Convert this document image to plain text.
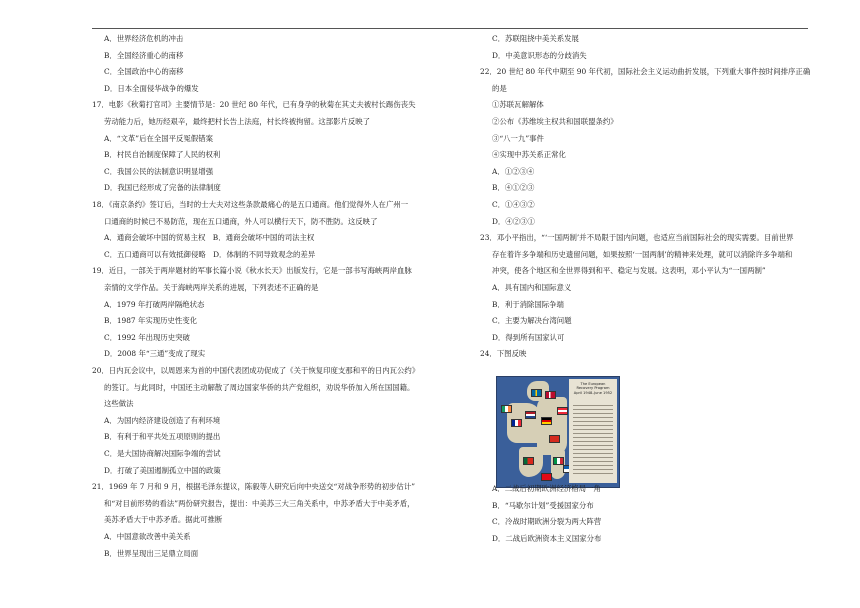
A．世界经济危机的冲击
B．全国经济重心的南移
C．全国政治中心的南移
D．日本全面侵华战争的爆发
17．电影《秋菊打官司》主要情节是：20 世纪 80 年代，已有身孕的秋菊在其丈夫被村长踢伤丧失
劳动能力后，她历经艰辛，最终把村长告上法庭，村长终被拘留。这部影片反映了
A．“文革”后在全国平反冤假错案
B．村民自治制度保障了人民的权利
C．我国公民的法制意识明显增强
D．我国已经形成了完备的法律制度
18．《南京条约》签订后，当时的士大夫对这些条款最痛心的是五口通商。他们觉得外人在广州一
口通商的时候已不易防范，现在五口通商，外人可以横行天下，防不胜防。这反映了
A．通商会破坏中国的贸易主权　B．通商会破坏中国的司法主权
C．五口通商可以有效抵御侵略　D．体制的不同导致观念的差异
19．近日，一部关于两岸题材的军事长篇小说《秋水长天》出版发行，它是一部书写海峡两岸血脉
亲情的文学作品。关于海峡两岸关系的进展，下列表述不正确的是
A．1979 年打破两岸隔绝状态
B．1987 年实现历史性变化
C．1992 年出现历史突破
D．2008 年“三通”变成了现实
20．日内瓦会议中，以周恩来为首的中国代表团成功促成了《关于恢复印度支那和平的日内瓦公约》
的签订。与此同时，中国还主动解散了周边国家华侨的共产党组织，劝说华侨加入所在国国籍。
这些做法
A．为国内经济建设创造了有利环境
B．有利于和平共处五项原则的提出
C．是大国协商解决国际争端的尝试
D．打破了美国遏制孤立中国的政策
21．1969 年 7 月和 9 月，根据毛泽东提议，陈毅等人研究后向中央送交“对战争形势的初步估计”
和“对目前形势的看法”两份研究报告，提出：中美苏三大三角关系中，中苏矛盾大于中美矛盾，
美苏矛盾大于中苏矛盾。据此可推断
A．中国意欲改善中美关系
B．世界呈现出三足鼎立局面
The European Recovery Program April 1948–June 1952
C．苏联阻挠中美关系发展
D．中美意识形态的分歧消失
22．20 世纪 80 年代中期至 90 年代初，国际社会主义运动曲折发展，下列重大事件按时间排序正确
的是
①苏联瓦解解体
②公布《苏维埃主权共和国联盟条约》
③“八一九”事件
④实现中苏关系正常化
A．①②③④
B．④①②③
C．①④③②
D．④②③①
23．邓小平指出，“‘一国两制’并不局限于国内问题，也适应当前国际社会的现实需要。目前世界
存在着许多争端和历史遗留问题，如果按照‘一国两制’的精神来处理，就可以消除许多争端和
冲突，使各个地区和全世界得到和平、稳定与发展。这表明，邓小平认为“一国两制”
A．具有国内和国际意义
B．利于消除国际争端
C．主要为解决台湾问题
D．得到所有国家认可
24．下图反映
A．二战后初期欧洲经济格局一角
B．“马歇尔计划”受援国家分布
C．冷战时期欧洲分裂为两大阵营
D．二战后欧洲资本主义国家分布
